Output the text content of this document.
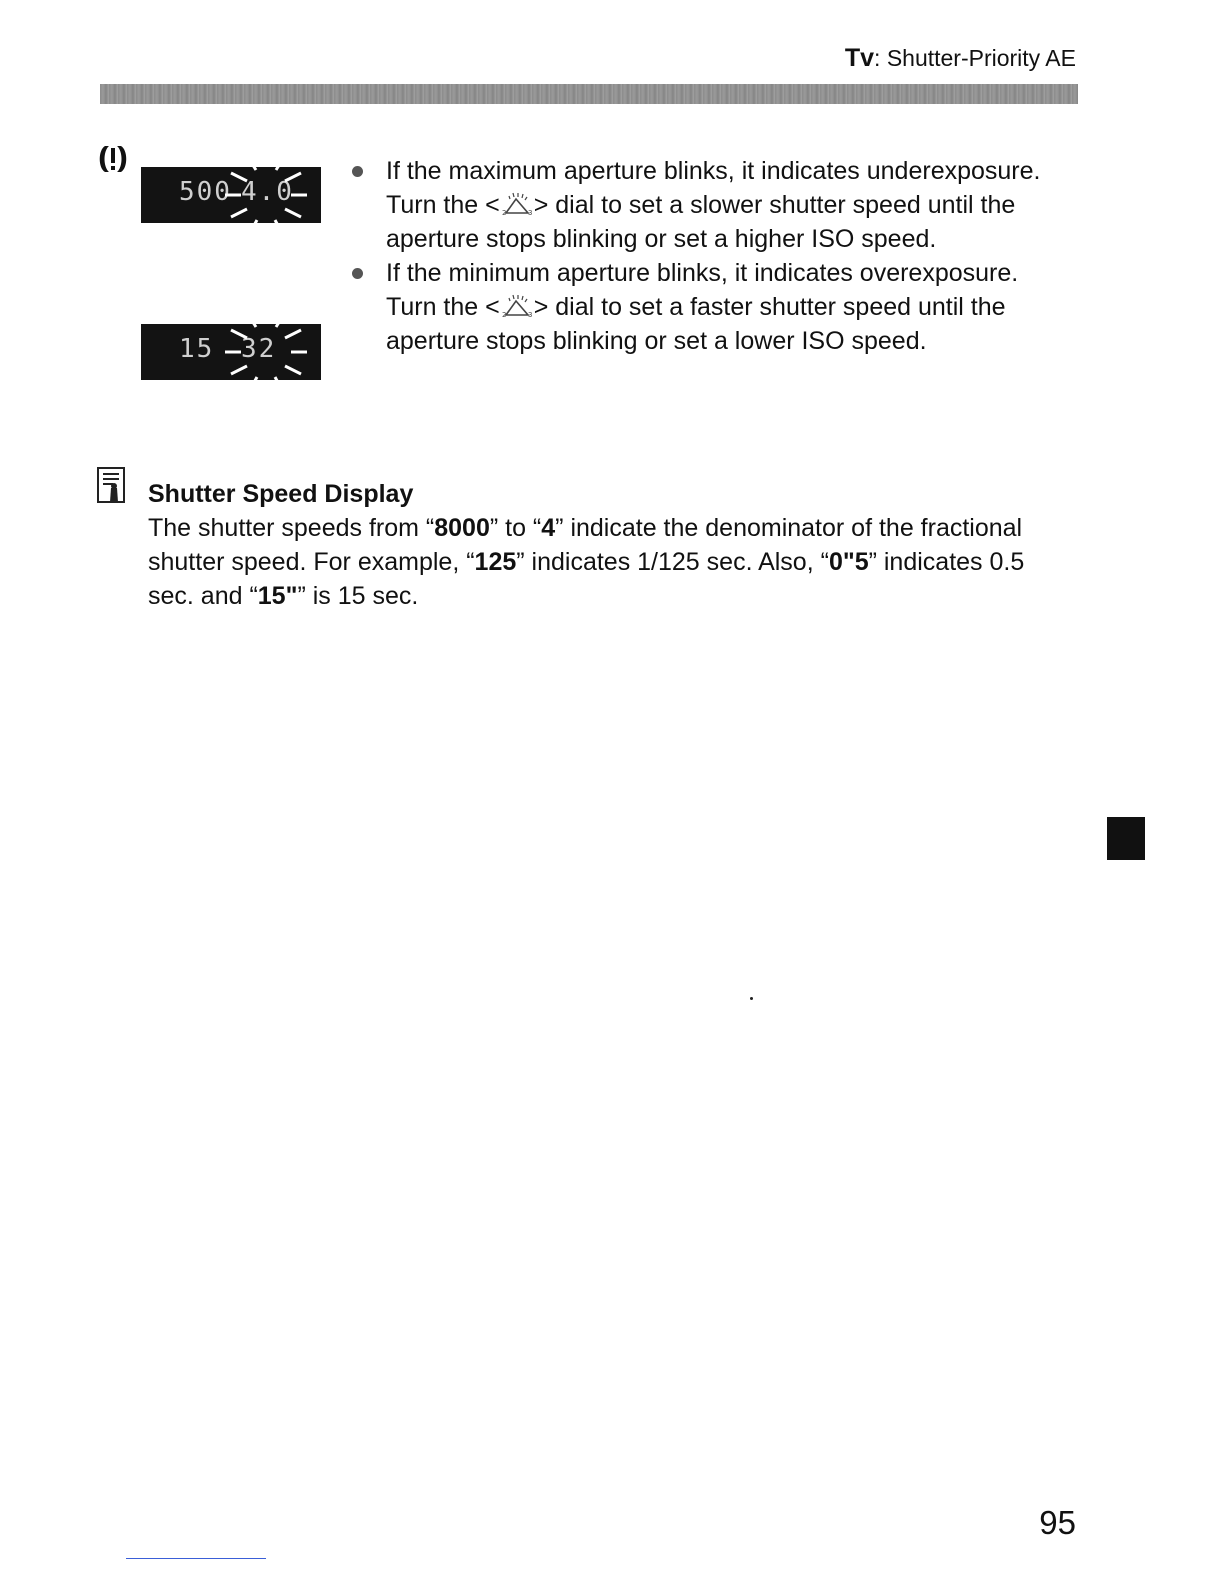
Tv: Shutter-Priority AE
500 4.0
15 32
If the maximum aperture blinks, it indicates underexposure.
Turn the < 2	3 > dial to set a slower shutter speed until the aperture stops blinking or set a higher ISO speed.
If the minimum aperture blinks, it indicates overexposure.
Turn the < 2	3 > dial to set a faster shutter speed until the aperture stops blinking or set a lower ISO speed.
Shutter Speed Display
The shutter speeds from “8000” to “4” indicate the denominator of the fractional shutter speed. For example, “125” indicates 1/125 sec. Also, “0"5” indicates 0.5 sec. and “15"” is 15 sec.
95
